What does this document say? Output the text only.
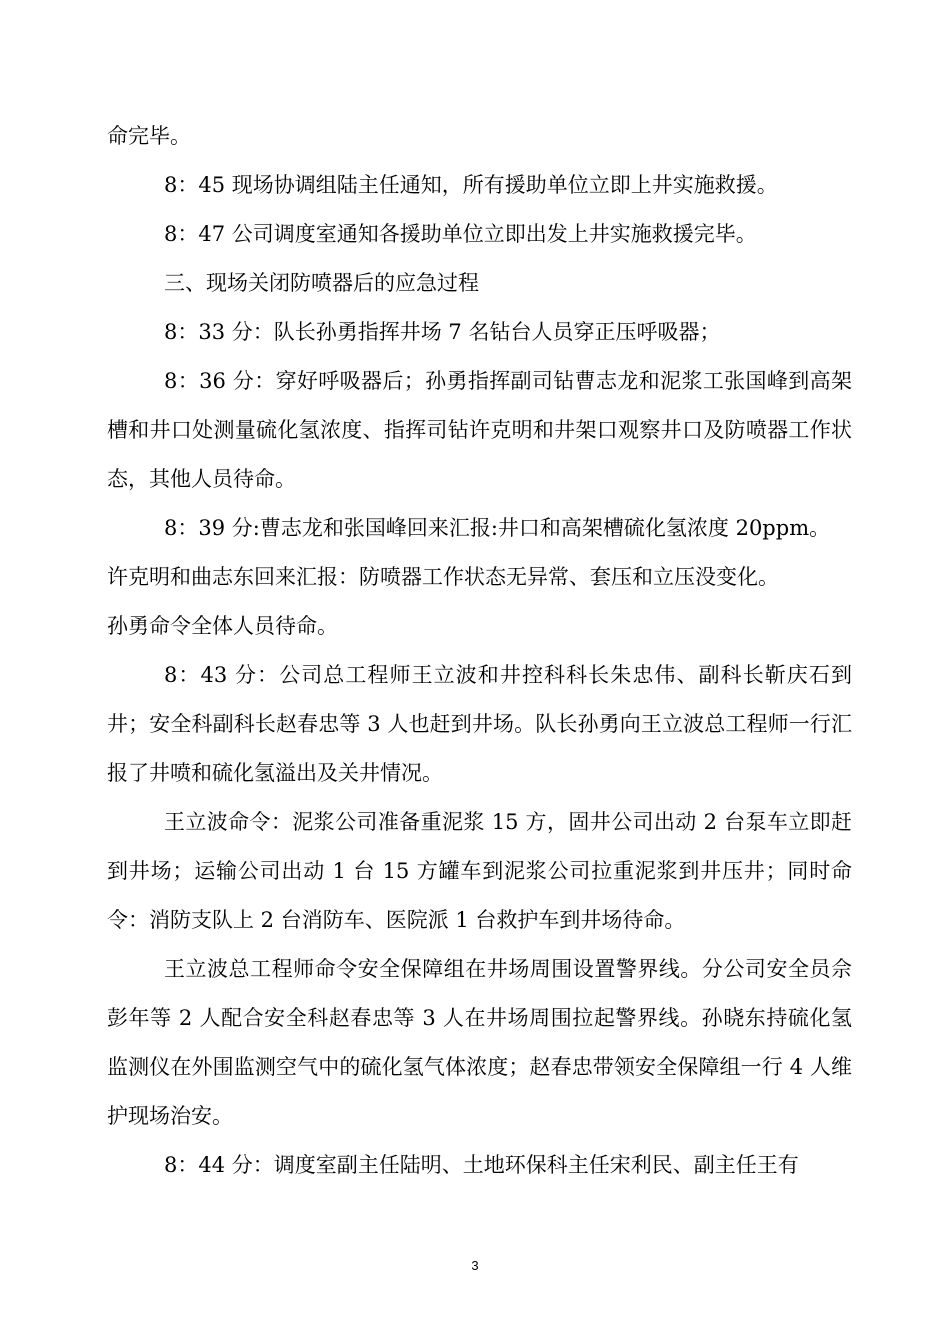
命完毕。

8：45 现场协调组陆主任通知，所有援助单位立即上井实施救援。

8：47 公司调度室通知各援助单位立即出发上井实施救援完毕。

三、现场关闭防喷器后的应急过程

8：33 分：队长孙勇指挥井场 7 名钻台人员穿正压呼吸器；

8：36 分：穿好呼吸器后；孙勇指挥副司钻曹志龙和泥浆工张国峰到高架槽和井口处测量硫化氢浓度、指挥司钻许克明和井架口观察井口及防喷器工作状态，其他人员待命。

8：39 分:曹志龙和张国峰回来汇报:井口和高架槽硫化氢浓度 20ppm。

许克明和曲志东回来汇报：防喷器工作状态无异常、套压和立压没变化。

孙勇命令全体人员待命。

8：43 分：公司总工程师王立波和井控科科长朱忠伟、副科长靳庆石到井；安全科副科长赵春忠等 3 人也赶到井场。队长孙勇向王立波总工程师一行汇报了井喷和硫化氢溢出及关井情况。

王立波命令：泥浆公司准备重泥浆 15 方，固井公司出动 2 台泵车立即赶到井场；运输公司出动 1 台 15 方罐车到泥浆公司拉重泥浆到井压井；同时命令：消防支队上 2 台消防车、医院派 1 台救护车到井场待命。

王立波总工程师命令安全保障组在井场周围设置警界线。分公司安全员佘彭年等 2 人配合安全科赵春忠等 3 人在井场周围拉起警界线。孙晓东持硫化氢监测仪在外围监测空气中的硫化氢气体浓度；赵春忠带领安全保障组一行 4 人维护现场治安。

8：44 分：调度室副主任陆明、土地环保科主任宋利民、副主任王有

3
